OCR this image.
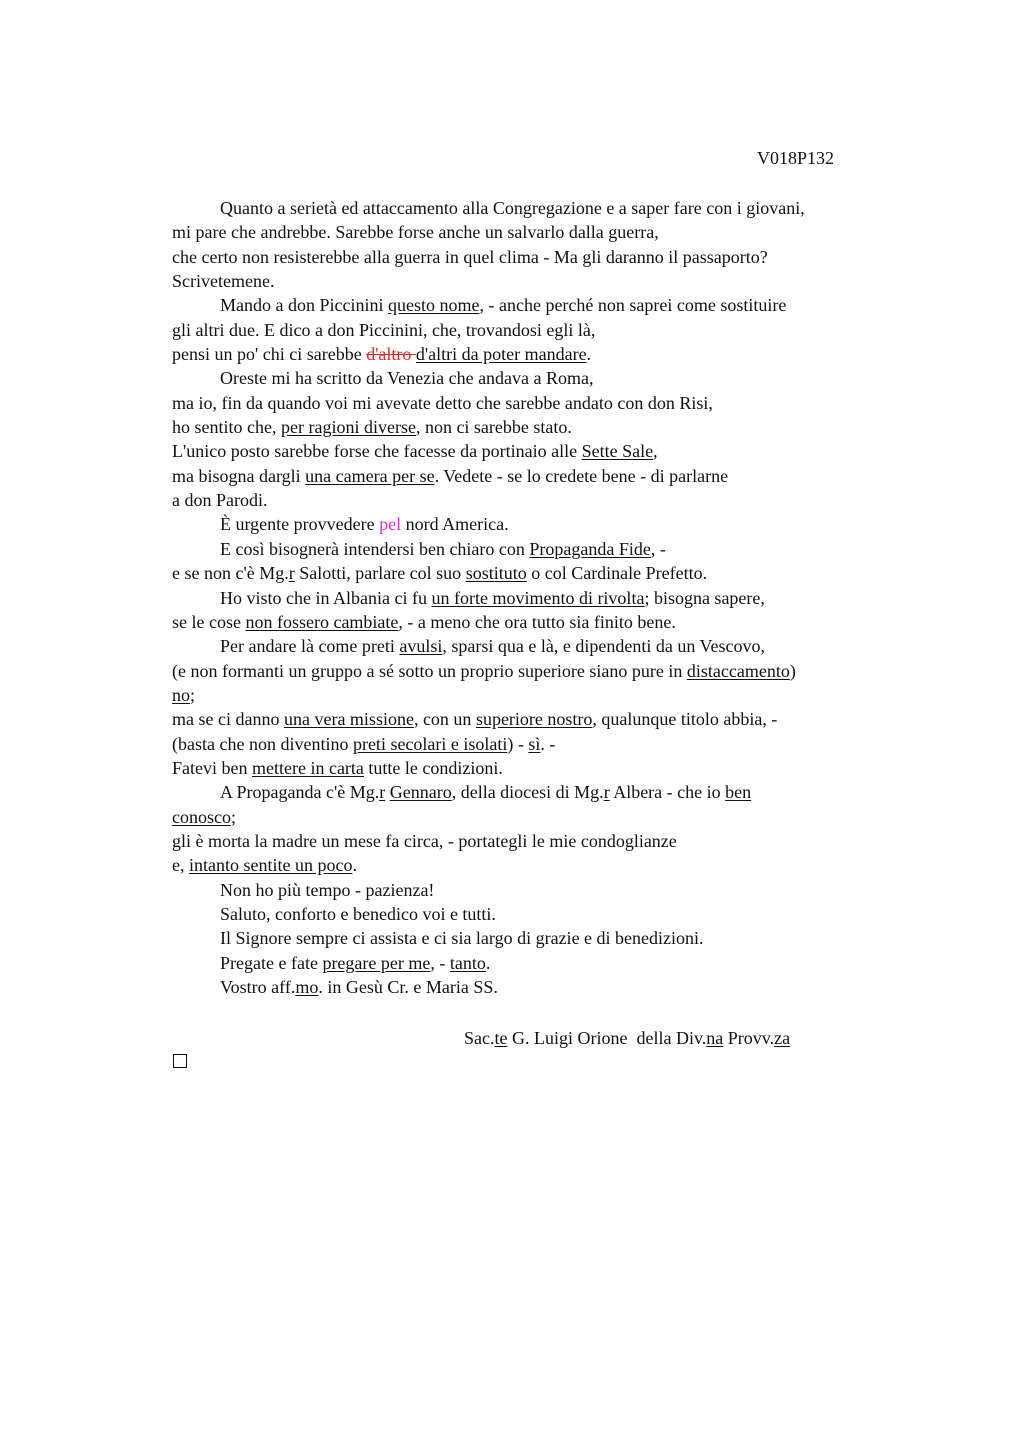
V018P132
Quanto a serietà ed attaccamento alla Congregazione e a saper fare con i giovani,
mi pare che andrebbe. Sarebbe forse anche un salvarlo dalla guerra,
che certo non resisterebbe alla guerra in quel clima - Ma gli daranno il passaporto?
Scrivetemene.
Mando a don Piccinini questo nome, - anche perché non saprei come sostituire
gli altri due. E dico a don Piccinini, che, trovandosi egli là,
pensi un po' chi ci sarebbe d'altro d'altri da poter mandare.
Oreste mi ha scritto da Venezia che andava a Roma,
ma io, fin da quando voi mi avevate detto che sarebbe andato con don Risi,
ho sentito che, per ragioni diverse, non ci sarebbe stato.
L'unico posto sarebbe forse che facesse da portinaio alle Sette Sale,
ma bisogna dargli una camera per se. Vedete - se lo credete bene - di parlarne
a don Parodi.
È urgente provvedere pel nord America.
E così bisognerà intendersi ben chiaro con Propaganda Fide, -
e se non c'è Mg.r Salotti, parlare col suo sostituto o col Cardinale Prefetto.
Ho visto che in Albania ci fu un forte movimento di rivolta; bisogna sapere,
se le cose non fossero cambiate, - a meno che ora tutto sia finito bene.
Per andare là come preti avulsi, sparsi qua e là, e dipendenti da un Vescovo,
(e non formanti un gruppo a sé sotto un proprio superiore siano pure in distaccamento)
no;
ma se ci danno una vera missione, con un superiore nostro, qualunque titolo abbia, -
(basta che non diventino preti secolari e isolati) - sì. -
Fatevi ben mettere in carta tutte le condizioni.
A Propaganda c'è Mg.r Gennaro, della diocesi di Mg.r Albera - che io ben
conosco;
gli è morta la madre un mese fa circa, - portategli le mie condoglianze
e, intanto sentite un poco.
Non ho più tempo - pazienza!
Saluto, conforto e benedico voi e tutti.
Il Signore sempre ci assista e ci sia largo di grazie e di benedizioni.
Pregate e fate pregare per me, - tanto.
Vostro aff.mo. in Gesù Cr. e Maria SS.
Sac.te G. Luigi Orione  della Div.na Provv.za
